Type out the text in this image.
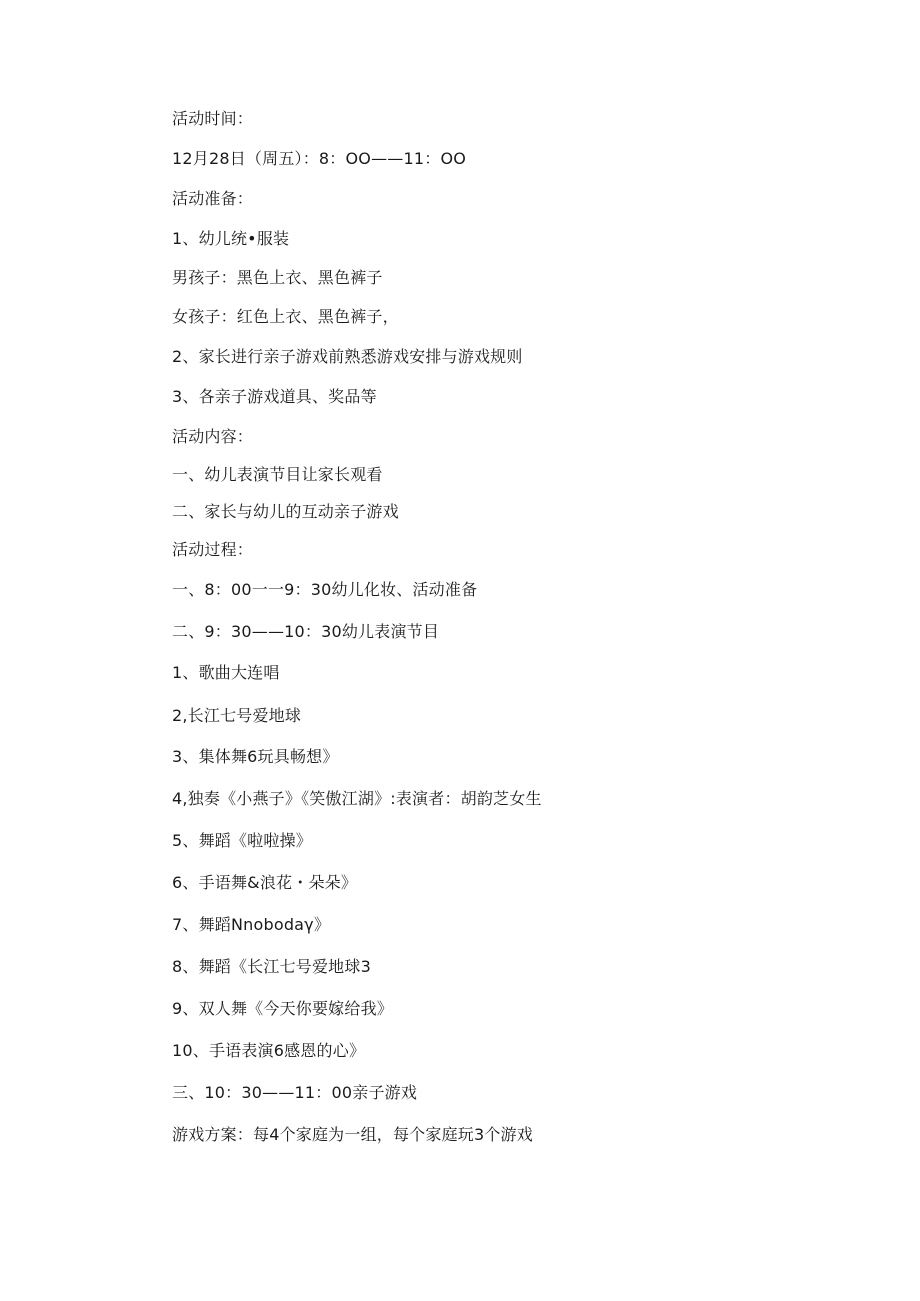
活动时间：
12月28日（周五）：8：OO——11：OO
活动准备：
1、幼儿统•服装
男孩子：黑色上衣、黑色裤子
女孩子：红色上衣、黑色裤子，
2、家长进行亲子游戏前熟悉游戏安排与游戏规则
3、各亲子游戏道具、奖品等
活动内容：
一、幼儿表演节目让家长观看
二、家长与幼儿的互动亲子游戏
活动过程：
一、8：00一一9：30幼儿化妆、活动准备
二、9：30——10：30幼儿表演节目
1、歌曲大连唱
2,长江七号爱地球
3、集体舞6玩具畅想》
4,独奏《小燕子》《笑傲江湖》:表演者：胡韵芝女生
5、舞蹈《啦啦操》
6、手语舞&浪花・朵朵》
7、舞蹈Nnobodaγ》
8、舞蹈《长江七号爱地球3
9、双人舞《今天你要嫁给我》
10、手语表演6感恩的心》
三、10：30——11：00亲子游戏
游戏方案：每4个家庭为一组，每个家庭玩3个游戏
